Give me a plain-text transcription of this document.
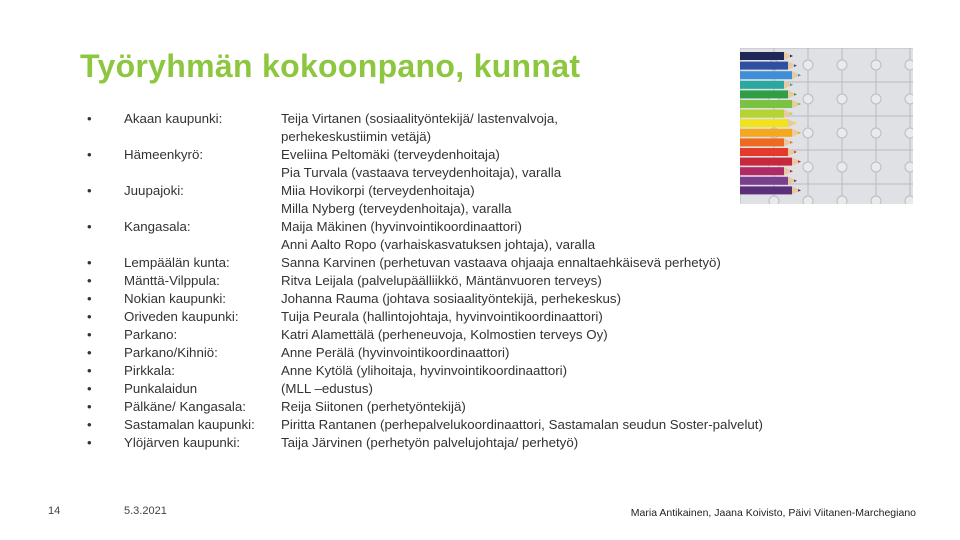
Työryhmän kokoonpano, kunnat
•	Akaan kaupunki:	Teija Virtanen (sosiaalityöntekijä/ lastenvalvoja,
perhekeskustiimin vetäjä)
•	Hämeenkyrö:	Eveliina Peltomäki (terveydenhoitaja)
Pia Turvala (vastaava terveydenhoitaja), varalla
•	Juupajoki:	Miia Hovikorpi (terveydenhoitaja)
Milla Nyberg (terveydenhoitaja), varalla
•	Kangasala:	Maija Mäkinen (hyvinvointikoordinaattori)
Anni Aalto Ropo (varhaiskasvatuksen johtaja), varalla
•	Lempäälän kunta:	Sanna Karvinen (perhetuvan vastaava ohjaaja ennaltaehkäisevä perhetyö)
•	Mänttä-Vilppula:	Ritva Leijala (palvelupäälliikkö, Mäntänvuoren terveys)
•	Nokian kaupunki:	Johanna Rauma (johtava sosiaalityöntekijä, perhekeskus)
•	Oriveden kaupunki:	Tuija Peurala (hallintojohtaja, hyvinvointikoordinaattori)
•	Parkano:	Katri Alamettälä (perheneuvoja, Kolmostien terveys Oy)
•	Parkano/Kihniö:	Anne Perälä (hyvinvointikoordinaattori)
•	Pirkkala:	Anne Kytölä (ylihoitaja, hyvinvointikoordinaattori)
•	Punkalaidun	(MLL –edustus)
•	Pälkäne/ Kangasala:	Reija Siitonen (perhetyöntekijä)
•	Sastamalan kaupunki: Piritta Rantanen (perhepalvelukoordinaattori, Sastamalan seudun Soster-palvelut)
•	Ylöjärven kaupunki:	Taija Järvinen (perhetyön palvelujohtaja/ perhetyö)
14	5.3.2021	Maria Antikainen, Jaana Koivisto, Päivi Viitanen-Marchegiano
